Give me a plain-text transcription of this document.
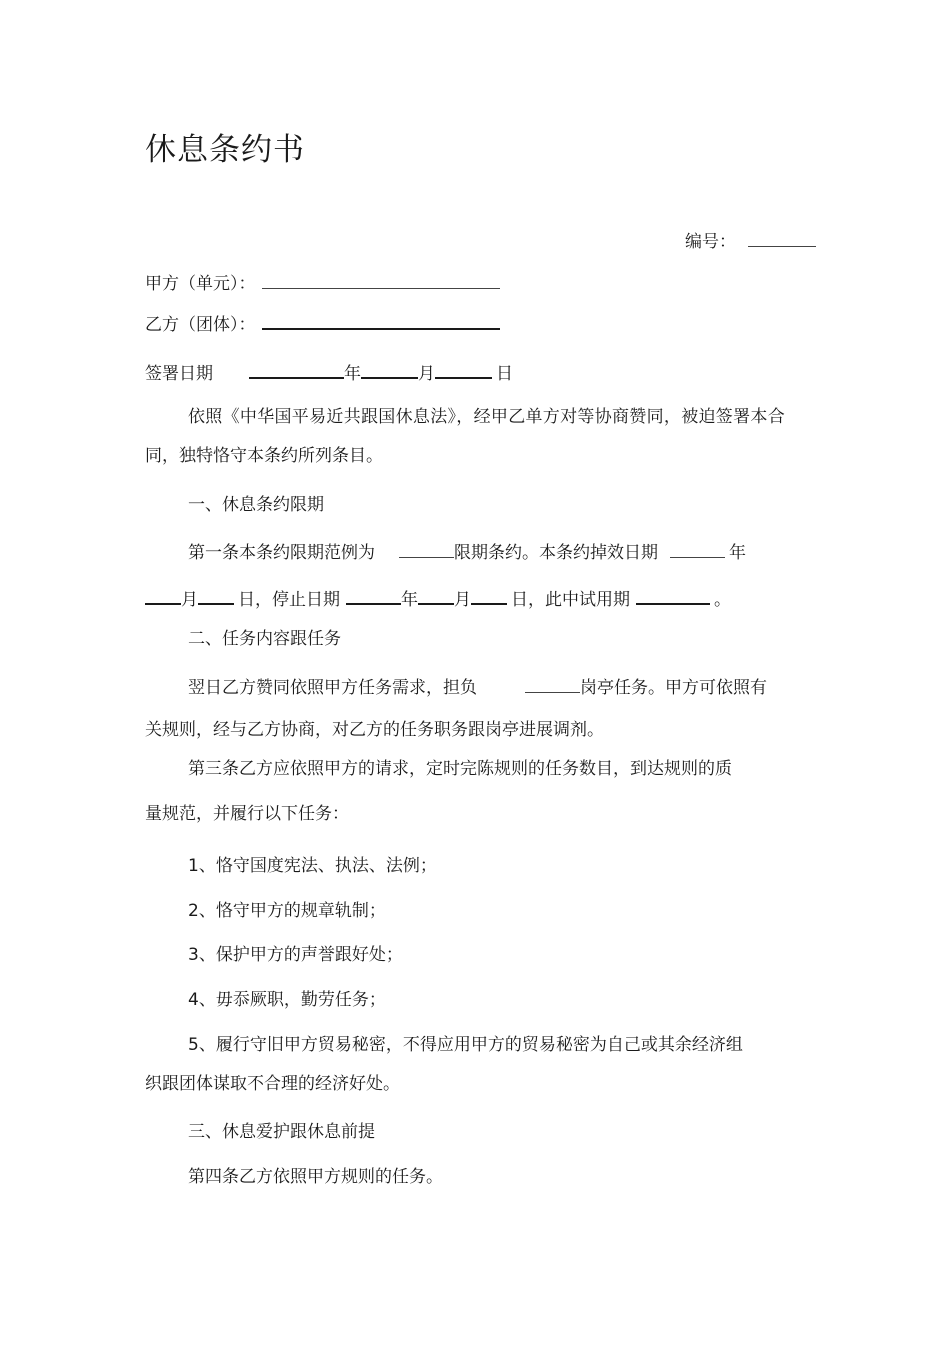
休息条约书
编号：
甲方（单元）：
乙方（团体）：
签署日期	年	月	日
依照《中华国平易近共跟国休息法》，经甲乙单方对等协商赞同，被迫签署本合
同，独特恪守本条约所列条目。
一、休息条约限期
第一条本条约限期范例为	限期条约。本条约掉效日期	年
月 日，停止日期	年 月 日，此中试用期	。
二、任务内容跟任务
翌日乙方赞同依照甲方任务需求，担负	岗亭任务。甲方可依照有
关规则，经与乙方协商，对乙方的任务职务跟岗亭进展调剂。
第三条乙方应依照甲方的请求，定时完陈规则的任务数目，到达规则的质
量规范，并履行以下任务：
1、恪守国度宪法、执法、法例；
2、恪守甲方的规章轨制；
3、保护甲方的声誉跟好处；
4、毋忝厥职，勤劳任务；
5、履行守旧甲方贸易秘密，不得应用甲方的贸易秘密为自己或其余经济组
织跟团体谋取不合理的经济好处。
三、休息爱护跟休息前提
第四条乙方依照甲方规则的任务。
